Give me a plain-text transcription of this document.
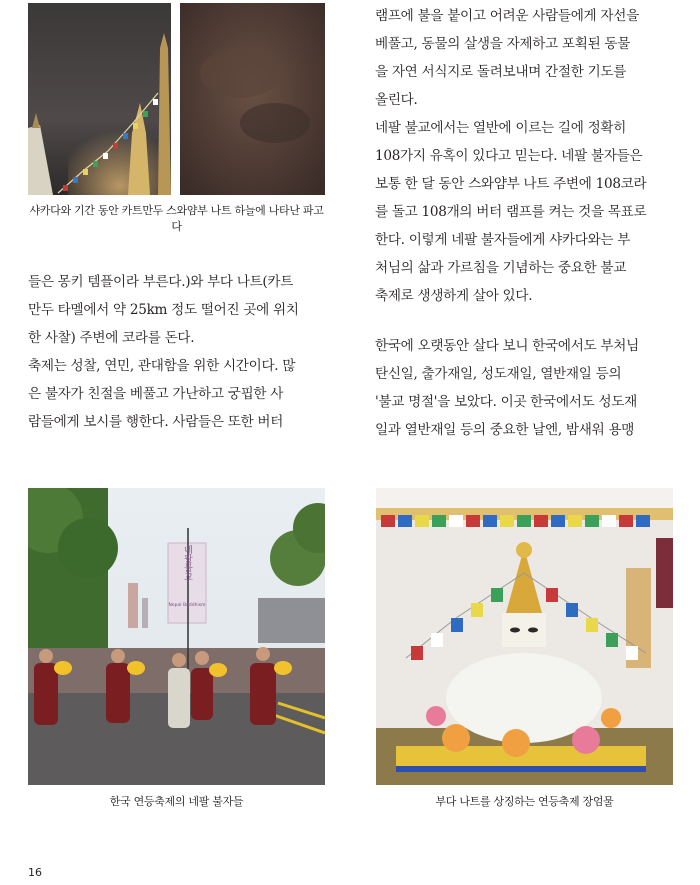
샤카다와 기간 동안 카트만두 스와얌부 나트 하늘에 나타난 파고다

들은 몽키 템플이라 부른다.)와 부다 나트(카트

만두 타멜에서 약 25km 정도 떨어진 곳에 위치

한 사찰) 주변에 코라를 돈다.

축제는 성찰, 연민, 관대함을 위한 시간이다. 많

은 불자가 친절을 베풀고 가난하고 궁핍한 사

람들에게 보시를 행한다. 사람들은 또한 버터

램프에 불을 붙이고 어려운 사람들에게 자선을

베풀고, 동물의 살생을 자제하고 포획된 동물

을 자연 서식지로 돌려보내며 간절한 기도를

올린다.

네팔 불교에서는 열반에 이르는 길에 정확히

108가지 유혹이 있다고 믿는다. 네팔 불자들은

보통 한 달 동안 스와얌부 나트 주변에 108코라

를 돌고 108개의 버터 램프를 켜는 것을 목표로

한다. 이렇게 네팔 불자들에게 샤카다와는 부

처님의 삶과 가르침을 기념하는 중요한 불교

축제로 생생하게 살아 있다.

한국에 오랫동안 살다 보니 한국에서도 부처님

탄신일, 출가재일, 성도재일, 열반재일 등의

'불교 명절'을 보았다. 이곳 한국에서도 성도재

일과 열반재일 등의 중요한 날엔, 밤새워 용맹

네팔불교
Nepal Buddhism
한국 연등축제의 네팔 불자들	부다 나트를 상징하는 연등축제 장엄물
16
